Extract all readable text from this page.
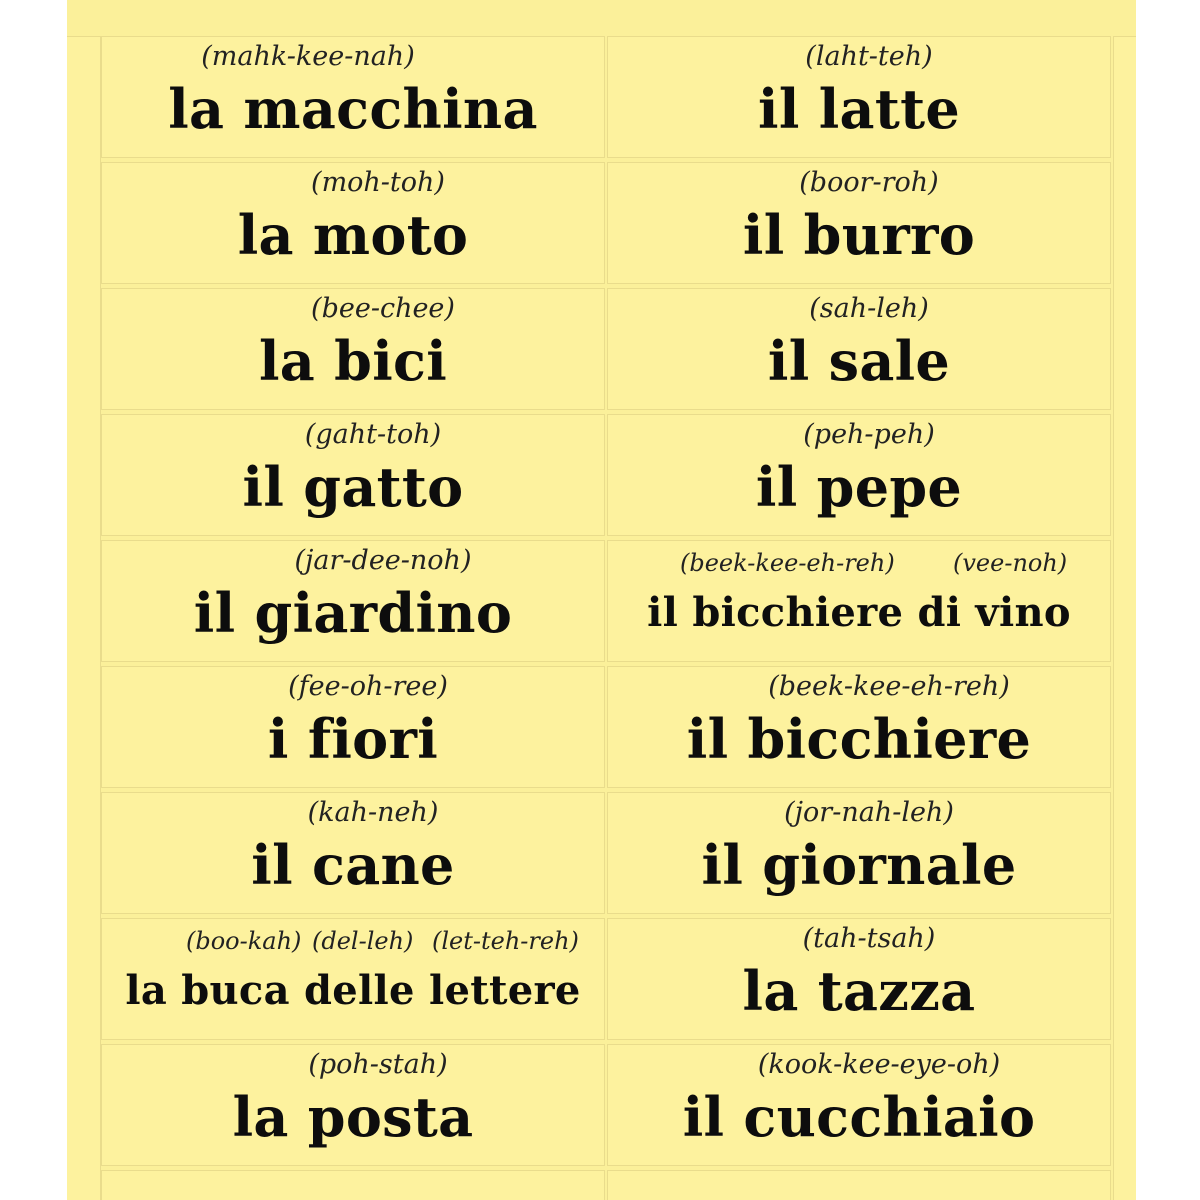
(mahk-kee-nah)
la macchina
(moh-toh)
la moto
(bee-chee)
la bici
(gaht-toh)
il gatto
(jar-dee-noh)
il giardino
(fee-oh-ree)
i fiori
(kah-neh)
il cane
(boo-kah) (del-leh) (let-teh-reh)
la buca delle lettere
(poh-stah)
la posta
(laht-teh)
il latte
(boor-roh)
il burro
(sah-leh)
il sale
(peh-peh)
il pepe
(beek-kee-eh-reh) (vee-noh)
il bicchiere di vino
(beek-kee-eh-reh)
il bicchiere
(jor-nah-leh)
il giornale
(tah-tsah)
la tazza
(kook-kee-eye-oh)
il cucchiaio
